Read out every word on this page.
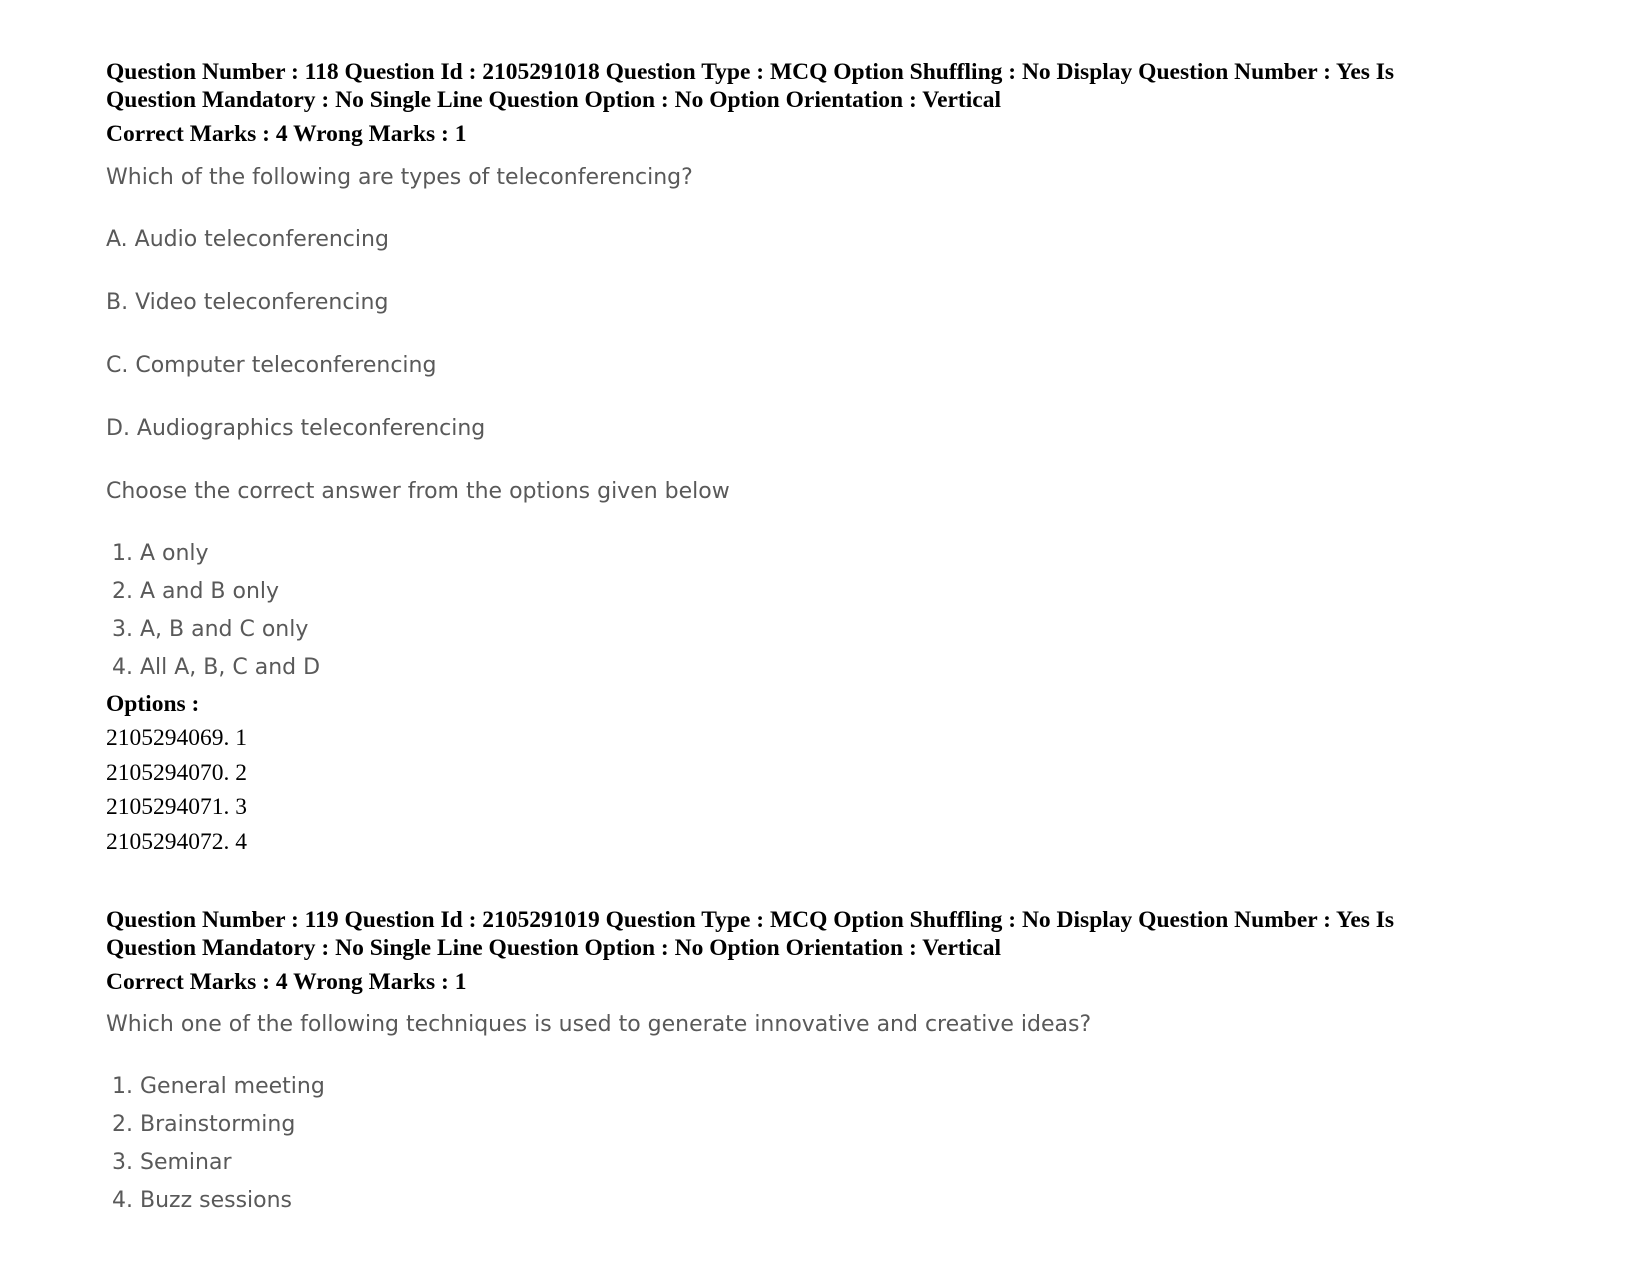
Question Number : 118 Question Id : 2105291018 Question Type : MCQ Option Shuffling : No Display Question Number : Yes Is
Question Mandatory : No Single Line Question Option : No Option Orientation : Vertical
Correct Marks : 4 Wrong Marks : 1
Which of the following are types of teleconferencing?
A. Audio teleconferencing
B. Video teleconferencing
C. Computer teleconferencing
D. Audiographics teleconferencing
Choose the correct answer from the options given below
1. A only
2. A and B only
3. A, B and C only
4. All A, B, C and D
Options :
2105294069. 1
2105294070. 2
2105294071. 3
2105294072. 4
Question Number : 119 Question Id : 2105291019 Question Type : MCQ Option Shuffling : No Display Question Number : Yes Is
Question Mandatory : No Single Line Question Option : No Option Orientation : Vertical
Correct Marks : 4 Wrong Marks : 1
Which one of the following techniques is used to generate innovative and creative ideas?
1. General meeting
2. Brainstorming
3. Seminar
4. Buzz sessions
